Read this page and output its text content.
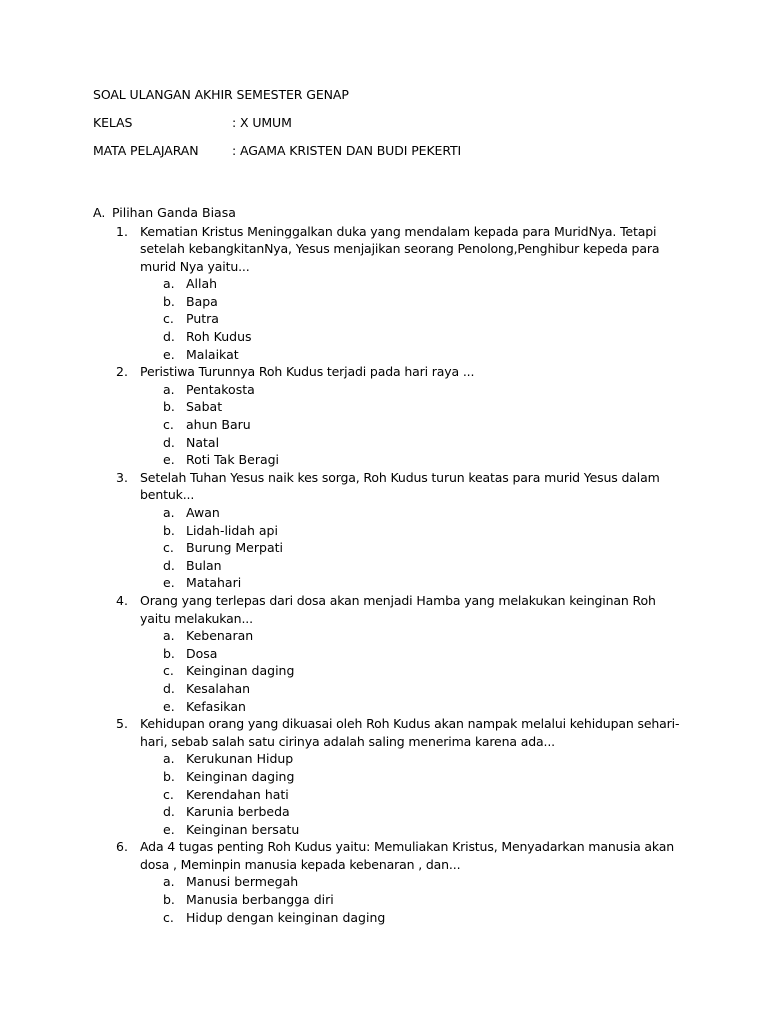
SOAL ULANGAN AKHIR SEMESTER GENAP
KELAS	: X UMUM
MATA PELAJARAN	: AGAMA KRISTEN DAN BUDI PEKERTI
A. Pilihan Ganda Biasa
1. Kematian Kristus Meninggalkan duka yang mendalam kepada para MuridNya. Tetapi setelah kebangkitanNya, Yesus menjajikan seorang Penolong,Penghibur kepeda para murid Nya yaitu...
a. Allah
b. Bapa
c. Putra
d. Roh Kudus
e. Malaikat
2. Peristiwa Turunnya Roh Kudus terjadi pada hari raya ...
a. Pentakosta
b. Sabat
c. ahun Baru
d. Natal
e. Roti Tak Beragi
3. Setelah Tuhan Yesus naik kes sorga, Roh Kudus turun keatas para murid Yesus dalam bentuk...
a. Awan
b. Lidah-lidah api
c. Burung Merpati
d. Bulan
e. Matahari
4. Orang yang terlepas dari dosa akan menjadi Hamba yang melakukan keinginan Roh yaitu melakukan...
a. Kebenaran
b. Dosa
c. Keinginan daging
d. Kesalahan
e. Kefasikan
5. Kehidupan orang yang dikuasai oleh Roh Kudus akan nampak melalui kehidupan sehari-hari, sebab salah satu cirinya adalah saling menerima karena ada...
a. Kerukunan Hidup
b. Keinginan daging
c. Kerendahan hati
d. Karunia berbeda
e. Keinginan bersatu
6. Ada 4 tugas penting Roh Kudus yaitu: Memuliakan Kristus, Menyadarkan manusia akan dosa , Meminpin manusia kepada kebenaran , dan...
a. Manusi bermegah
b. Manusia berbangga diri
c. Hidup dengan keinginan daging
